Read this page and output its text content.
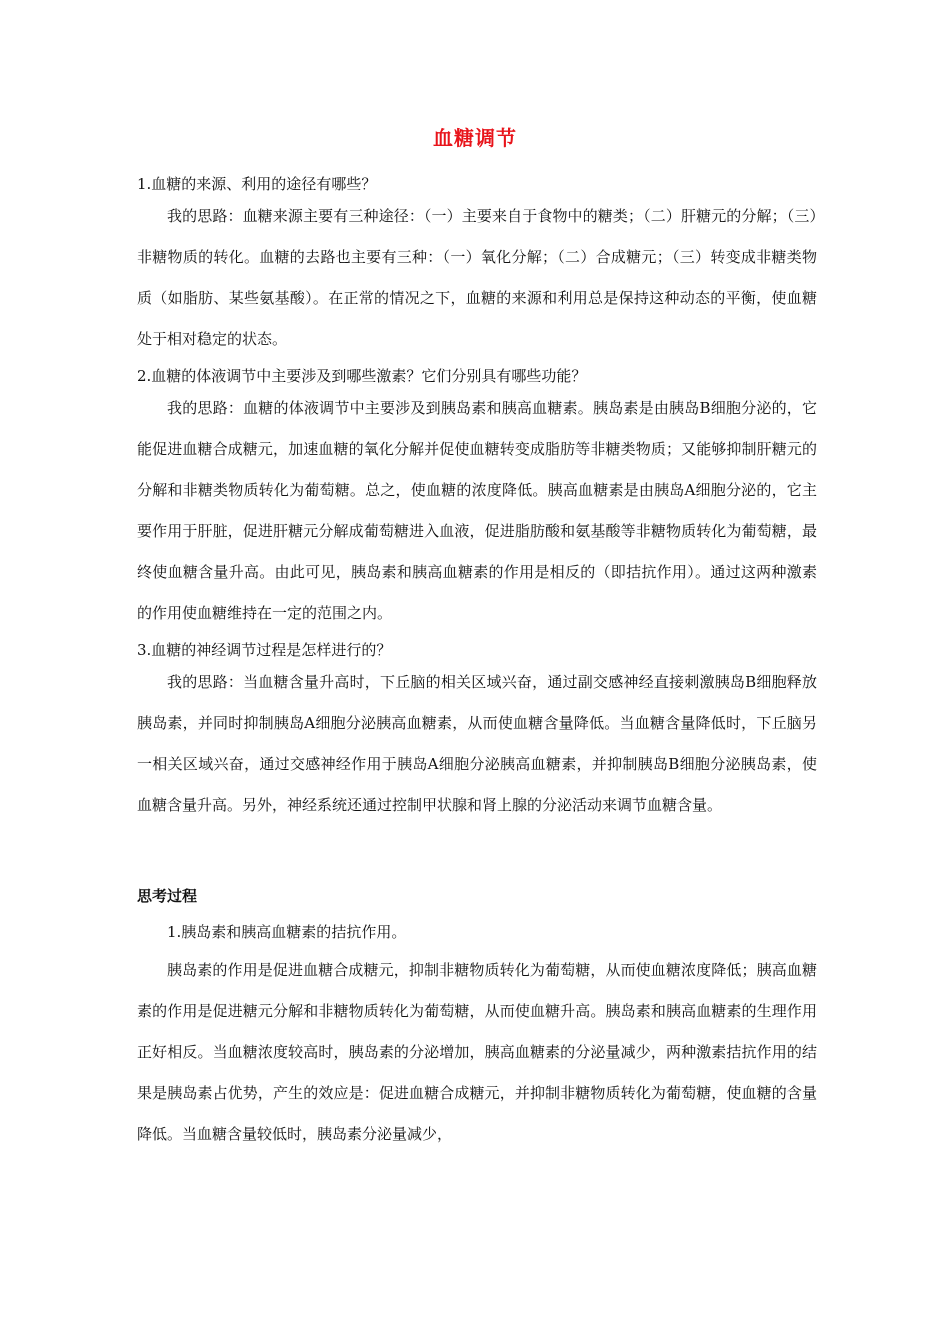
血糖调节

1.血糖的来源、利用的途径有哪些？

我的思路：血糖来源主要有三种途径：（一）主要来自于食物中的糖类；（二）肝糖元的分解；（三）非糖物质的转化。血糖的去路也主要有三种：（一）氧化分解；（二）合成糖元；（三）转变成非糖类物质（如脂肪、某些氨基酸）。在正常的情况之下，血糖的来源和利用总是保持这种动态的平衡，使血糖处于相对稳定的状态。

2.血糖的体液调节中主要涉及到哪些激素？它们分别具有哪些功能？

我的思路：血糖的体液调节中主要涉及到胰岛素和胰高血糖素。胰岛素是由胰岛B细胞分泌的，它能促进血糖合成糖元，加速血糖的氧化分解并促使血糖转变成脂肪等非糖类物质；又能够抑制肝糖元的分解和非糖类物质转化为葡萄糖。总之，使血糖的浓度降低。胰高血糖素是由胰岛A细胞分泌的，它主要作用于肝脏，促进肝糖元分解成葡萄糖进入血液，促进脂肪酸和氨基酸等非糖物质转化为葡萄糖，最终使血糖含量升高。由此可见，胰岛素和胰高血糖素的作用是相反的（即拮抗作用）。通过这两种激素的作用使血糖维持在一定的范围之内。

3.血糖的神经调节过程是怎样进行的？

我的思路：当血糖含量升高时，下丘脑的相关区域兴奋，通过副交感神经直接刺激胰岛B细胞释放胰岛素，并同时抑制胰岛A细胞分泌胰高血糖素，从而使血糖含量降低。当血糖含量降低时，下丘脑另一相关区域兴奋，通过交感神经作用于胰岛A细胞分泌胰高血糖素，并抑制胰岛B细胞分泌胰岛素，使血糖含量升高。另外，神经系统还通过控制甲状腺和肾上腺的分泌活动来调节血糖含量。

思考过程

1.胰岛素和胰高血糖素的拮抗作用。

胰岛素的作用是促进血糖合成糖元，抑制非糖物质转化为葡萄糖，从而使血糖浓度降低；胰高血糖素的作用是促进糖元分解和非糖物质转化为葡萄糖，从而使血糖升高。胰岛素和胰高血糖素的生理作用正好相反。当血糖浓度较高时，胰岛素的分泌增加，胰高血糖素的分泌量减少，两种激素拮抗作用的结果是胰岛素占优势，产生的效应是：促进血糖合成糖元，并抑制非糖物质转化为葡萄糖，使血糖的含量降低。当血糖含量较低时，胰岛素分泌量减少，
